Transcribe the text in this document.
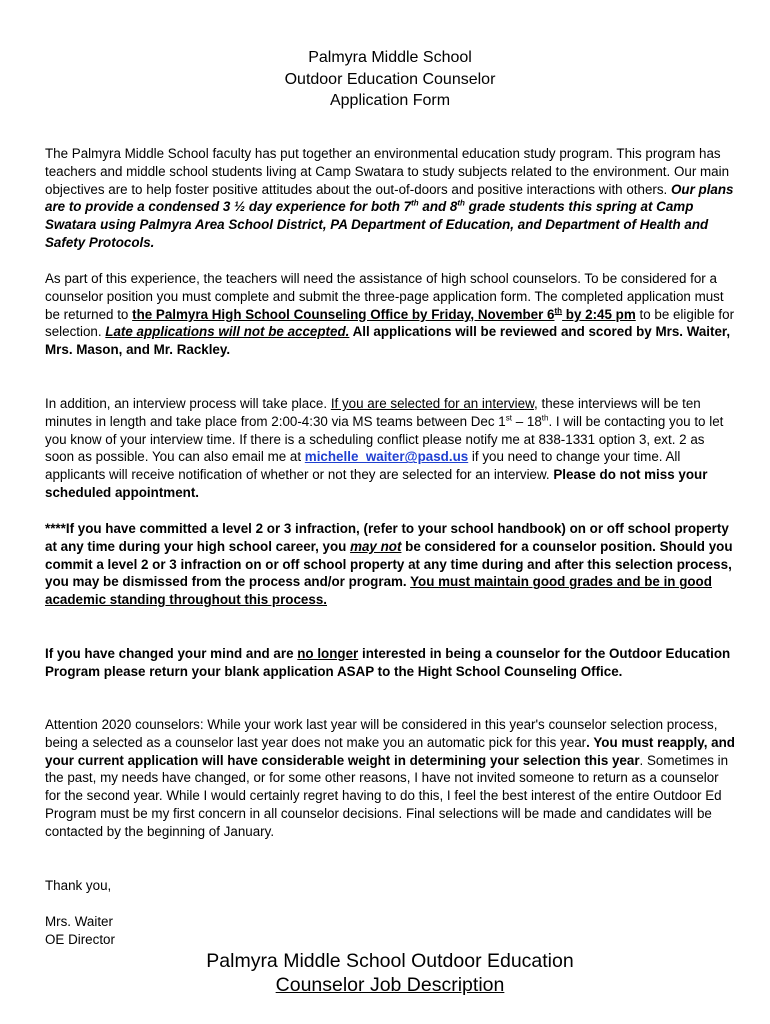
Palmyra Middle School
Outdoor Education Counselor
Application Form

The Palmyra Middle School faculty has put together an environmental education study program. This program has teachers and middle school students living at Camp Swatara to study subjects related to the environment. Our main objectives are to help foster positive attitudes about the out-of-doors and positive interactions with others. Our plans are to provide a condensed 3 ½ day experience for both 7th and 8th grade students this spring at Camp Swatara using Palmyra Area School District, PA Department of Education, and Department of Health and Safety Protocols.

As part of this experience, the teachers will need the assistance of high school counselors. To be considered for a counselor position you must complete and submit the three-page application form. The completed application must be returned to the Palmyra High School Counseling Office by Friday, November 6th by 2:45 pm to be eligible for selection. Late applications will not be accepted. All applications will be reviewed and scored by Mrs. Waiter, Mrs. Mason, and Mr. Rackley.

In addition, an interview process will take place. If you are selected for an interview, these interviews will be ten minutes in length and take place from 2:00-4:30 via MS teams between Dec 1st – 18th. I will be contacting you to let you know of your interview time. If there is a scheduling conflict please notify me at 838-1331 option 3, ext. 2 as soon as possible. You can also email me at michelle_waiter@pasd.us if you need to change your time. All applicants will receive notification of whether or not they are selected for an interview. Please do not miss your scheduled appointment.

****If you have committed a level 2 or 3 infraction, (refer to your school handbook) on or off school property at any time during your high school career, you may not be considered for a counselor position. Should you commit a level 2 or 3 infraction on or off school property at any time during and after this selection process, you may be dismissed from the process and/or program. You must maintain good grades and be in good academic standing throughout this process.

If you have changed your mind and are no longer interested in being a counselor for the Outdoor Education Program please return your blank application ASAP to the Hight School Counseling Office.

Attention 2020 counselors: While your work last year will be considered in this year's counselor selection process, being a selected as a counselor last year does not make you an automatic pick for this year. You must reapply, and your current application will have considerable weight in determining your selection this year. Sometimes in the past, my needs have changed, or for some other reasons, I have not invited someone to return as a counselor for the second year. While I would certainly regret having to do this, I feel the best interest of the entire Outdoor Ed Program must be my first concern in all counselor decisions. Final selections will be made and candidates will be contacted by the beginning of January.

Thank you,
Mrs. Waiter
OE Director
Palmyra Middle School Outdoor Education
Counselor Job Description
